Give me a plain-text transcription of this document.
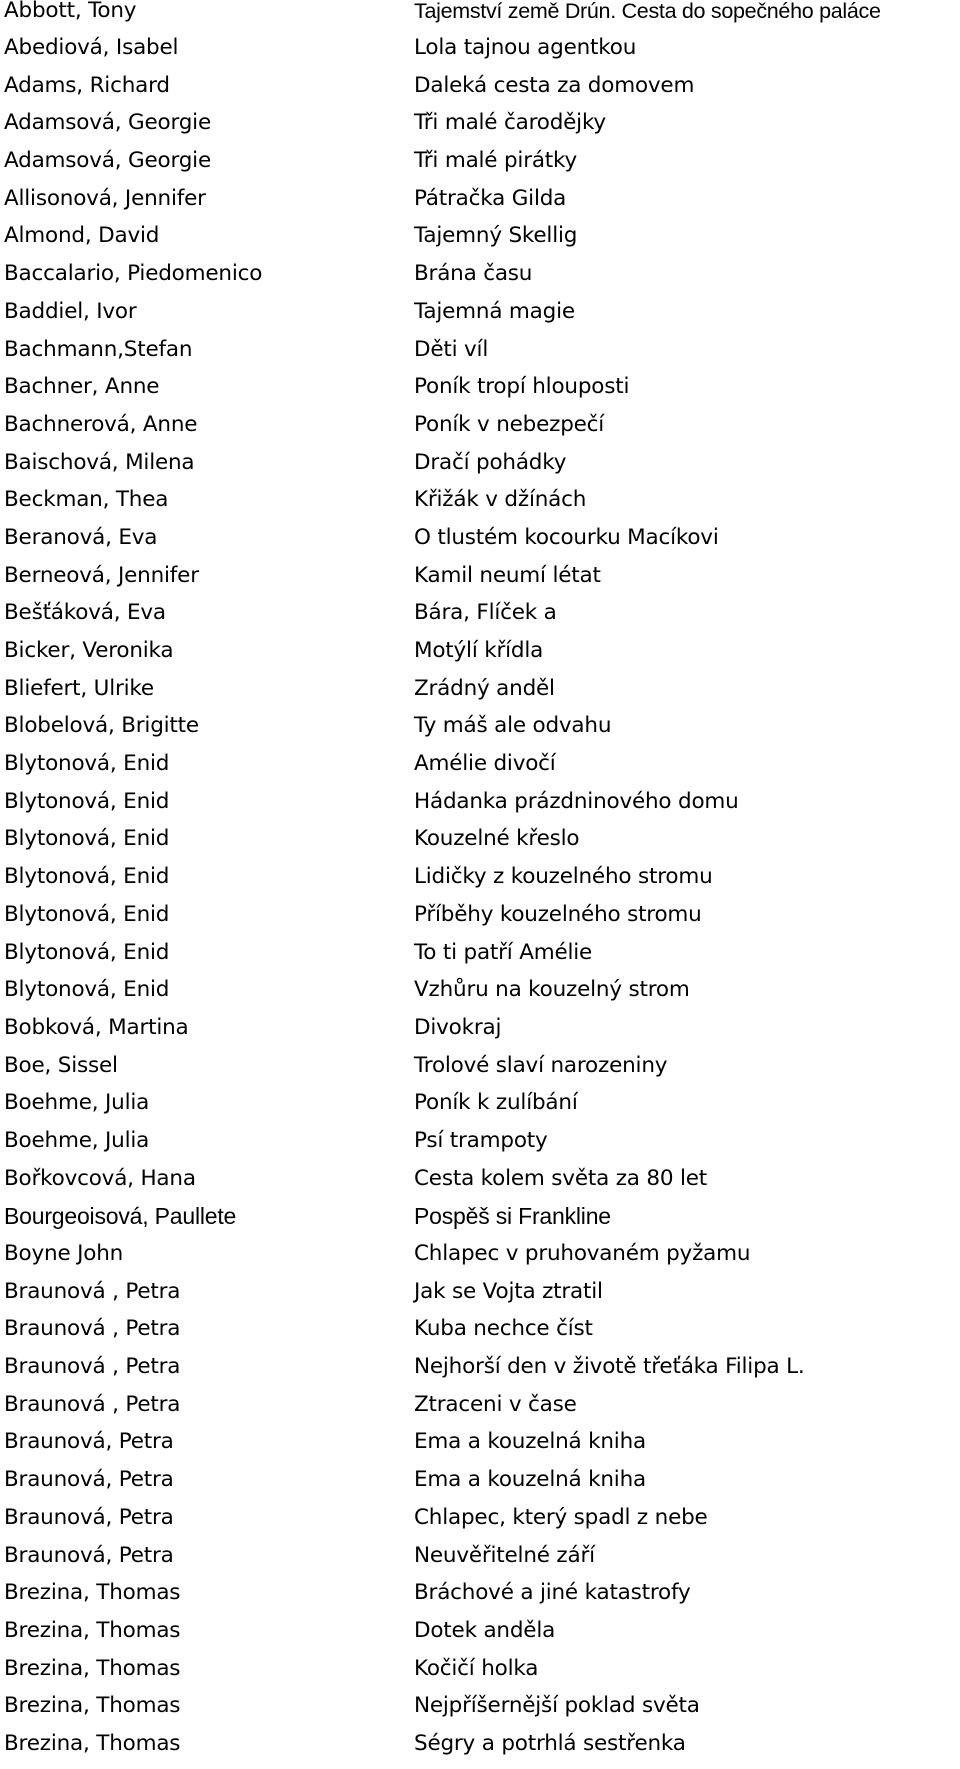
Abbott, Tony	Tajemství země Drún. Cesta do sopečného paláce
Abediová, Isabel	Lola tajnou agentkou
Adams, Richard	Daleká cesta za domovem
Adamsová, Georgie	Tři malé čarodějky
Adamsová, Georgie	Tři malé pirátky
Allisonová, Jennifer	Pátračka Gilda
Almond, David	Tajemný Skellig
Baccalario, Piedomenico	Brána času
Baddiel, Ivor	Tajemná magie
Bachmann,Stefan	Děti víl
Bachner, Anne	Poník tropí hlouposti
Bachnerová, Anne	Poník v nebezpečí
Baischová, Milena	Dračí pohádky
Beckman, Thea	Křižák v džínách
Beranová, Eva	O tlustém kocourku Macíkovi
Berneová, Jennifer	Kamil neumí létat
Bešťáková, Eva	Bára, Flíček a
Bicker, Veronika	Motýlí křídla
Bliefert, Ulrike	Zrádný anděl
Blobelová, Brigitte	Ty máš ale odvahu
Blytonová, Enid	Amélie divočí
Blytonová, Enid	Hádanka prázdninového domu
Blytonová, Enid	Kouzelné křeslo
Blytonová, Enid	Lidičky z kouzelného stromu
Blytonová, Enid	Příběhy kouzelného stromu
Blytonová, Enid	To ti patří Amélie
Blytonová, Enid	Vzhůru na kouzelný strom
Bobková, Martina	Divokraj
Boe, Sissel	Trolové slaví narozeniny
Boehme, Julia	Poník k zulíbání
Boehme, Julia	Psí trampoty
Bořkovcová, Hana	Cesta kolem světa za 80 let
Bourgeoisová, Paullete	Pospěš si Frankline
Boyne John	Chlapec v pruhovaném pyžamu
Braunová , Petra	Jak se Vojta ztratil
Braunová , Petra	Kuba nechce číst
Braunová , Petra	Nejhorší den v životě třeťáka Filipa L.
Braunová , Petra	Ztraceni v čase
Braunová, Petra	Ema a kouzelná kniha
Braunová, Petra	Ema a kouzelná kniha
Braunová, Petra	Chlapec, který spadl z nebe
Braunová, Petra	Neuvěřitelné září
Brezina, Thomas	Bráchové a jiné katastrofy
Brezina, Thomas	Dotek anděla
Brezina, Thomas	Kočičí holka
Brezina, Thomas	Nejpříšernější poklad světa
Brezina, Thomas	Ségry a potrhlá sestřenka
